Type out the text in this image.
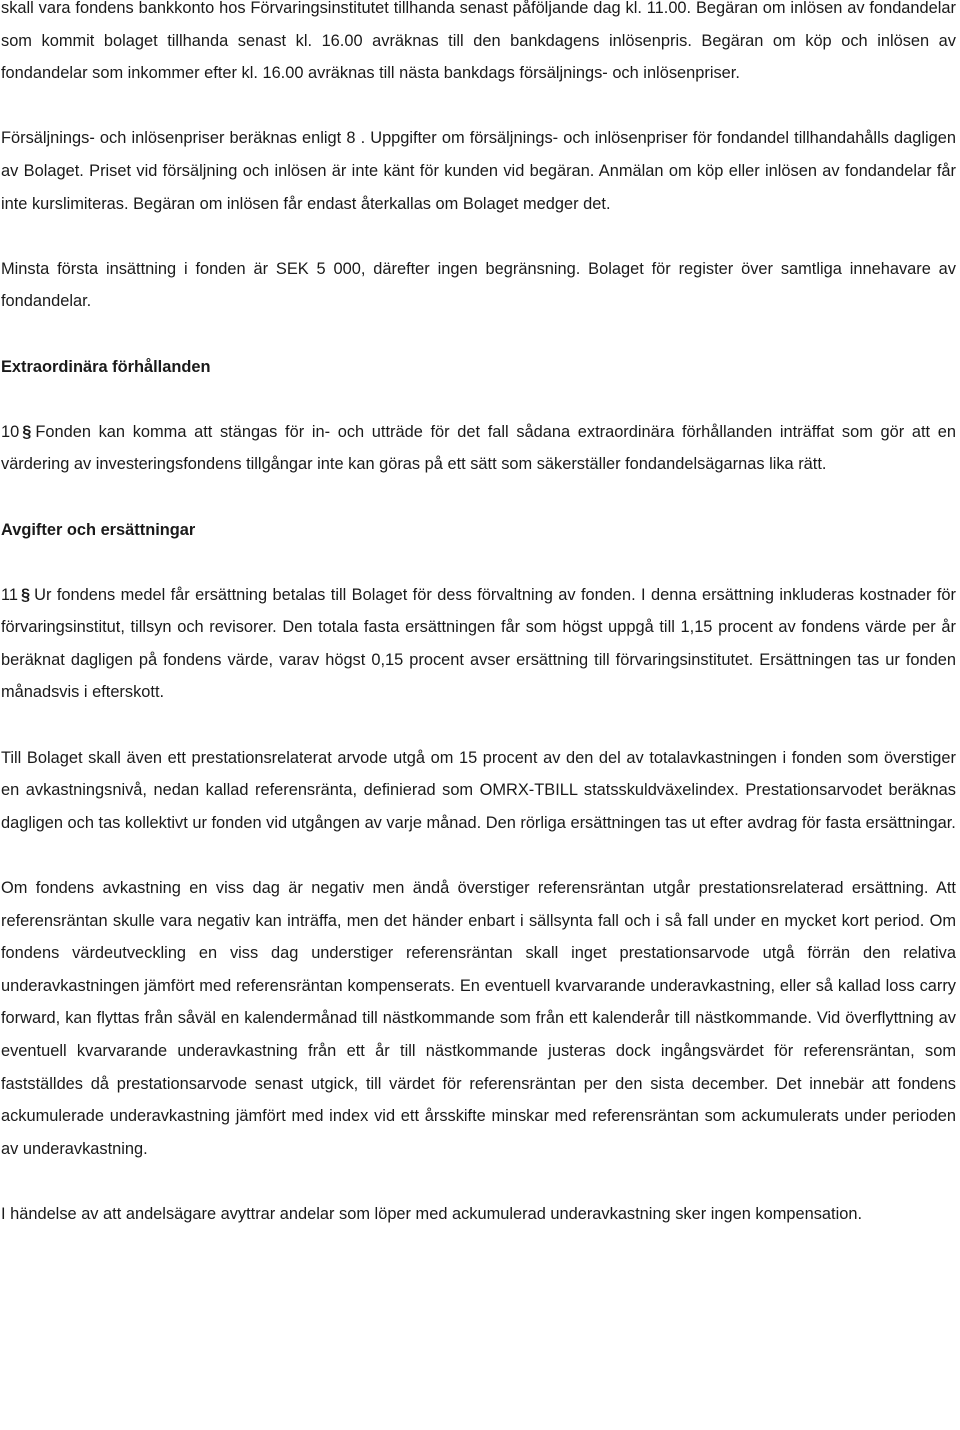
skall vara fondens bankkonto hos Förvaringsinstitutet tillhanda senast påföljande dag kl. 11.00. Begäran om inlösen av fondandelar som kommit bolaget tillhanda senast kl. 16.00 avräknas till den bankdagens inlösenpris. Begäran om köp och inlösen av fondandelar som inkommer efter kl. 16.00 avräknas till nästa bankdags försäljnings- och inlösenpriser.

Försäljnings- och inlösenpriser beräknas enligt 8 . Uppgifter om försäljnings- och inlösenpriser för fondandel tillhandahålls dagligen av Bolaget. Priset vid försäljning och inlösen är inte känt för kunden vid begäran. Anmälan om köp eller inlösen av fondandelar får inte kurslimiteras. Begäran om inlösen får endast återkallas om Bolaget medger det.

Minsta första insättning i fonden är SEK 5 000, därefter ingen begränsning. Bolaget för register över samtliga innehavare av fondandelar.

Extraordinära förhållanden

10 § Fonden kan komma att stängas för in- och utträde för det fall sådana extraordinära förhållanden inträffat som gör att en värdering av investeringsfondens tillgångar inte kan göras på ett sätt som säkerställer fondandelsägarnas lika rätt.

Avgifter och ersättningar

11 § Ur fondens medel får ersättning betalas till Bolaget för dess förvaltning av fonden. I denna ersättning inkluderas kostnader för förvaringsinstitut, tillsyn och revisorer. Den totala fasta ersättningen får som högst uppgå till 1,15 procent av fondens värde per år beräknat dagligen på fondens värde, varav högst 0,15 procent avser ersättning till förvaringsinstitutet. Ersättningen tas ur fonden månadsvis i efterskott.

Till Bolaget skall även ett prestationsrelaterat arvode utgå om 15 procent av den del av totalavkastningen i fonden som överstiger en avkastningsnivå, nedan kallad referensränta, definierad som OMRX-TBILL statsskuldväxelindex. Prestationsarvodet beräknas dagligen och tas kollektivt ur fonden vid utgången av varje månad. Den rörliga ersättningen tas ut efter avdrag för fasta ersättningar.

Om fondens avkastning en viss dag är negativ men ändå överstiger referensräntan utgår prestationsrelaterad ersättning. Att referensräntan skulle vara negativ kan inträffa, men det händer enbart i sällsynta fall och i så fall under en mycket kort period. Om fondens värdeutveckling en viss dag understiger referensräntan skall inget prestationsarvode utgå förrän den relativa underavkastningen jämfört med referensräntan kompenserats. En eventuell kvarvarande underavkastning, eller så kallad loss carry forward, kan flyttas från såväl en kalendermånad till nästkommande som från ett kalenderår till nästkommande. Vid överflyttning av eventuell kvarvarande underavkastning från ett år till nästkommande justeras dock ingångsvärdet för referensräntan, som fastställdes då prestationsarvode senast utgick, till värdet för referensräntan per den sista december. Det innebär att fondens ackumulerade underavkastning jämfört med index vid ett årsskifte minskar med referensräntan som ackumulerats under perioden av underavkastning.

I händelse av att andelsägare avyttrar andelar som löper med ackumulerad underavkastning sker ingen kompensation.
